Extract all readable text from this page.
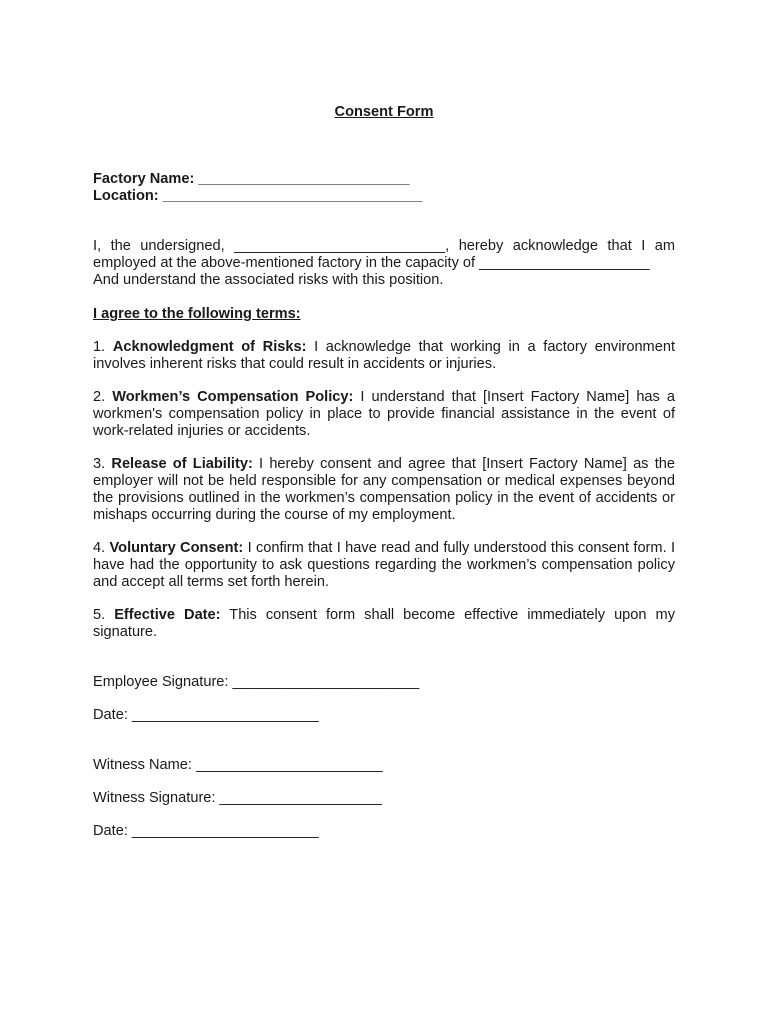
Consent Form

Factory Name: __________________________

Location: ________________________________

I, the undersigned, __________________________, hereby acknowledge that I am employed at the above-mentioned factory in the capacity of _____________________

And understand the associated risks with this position.

I agree to the following terms:

1. Acknowledgment of Risks: I acknowledge that working in a factory environment involves inherent risks that could result in accidents or injuries.

2. Workmen’s Compensation Policy: I understand that [Insert Factory Name] has a workmen's compensation policy in place to provide financial assistance in the event of work-related injuries or accidents.

3. Release of Liability: I hereby consent and agree that [Insert Factory Name] as the employer will not be held responsible for any compensation or medical expenses beyond the provisions outlined in the workmen’s compensation policy in the event of accidents or mishaps occurring during the course of my employment.

4. Voluntary Consent: I confirm that I have read and fully understood this consent form. I have had the opportunity to ask questions regarding the workmen’s compensation policy and accept all terms set forth herein.

5. Effective Date: This consent form shall become effective immediately upon my signature.

Employee Signature: _______________________

Date: _______________________

Witness Name: _______________________

Witness Signature: ____________________

Date: _______________________
